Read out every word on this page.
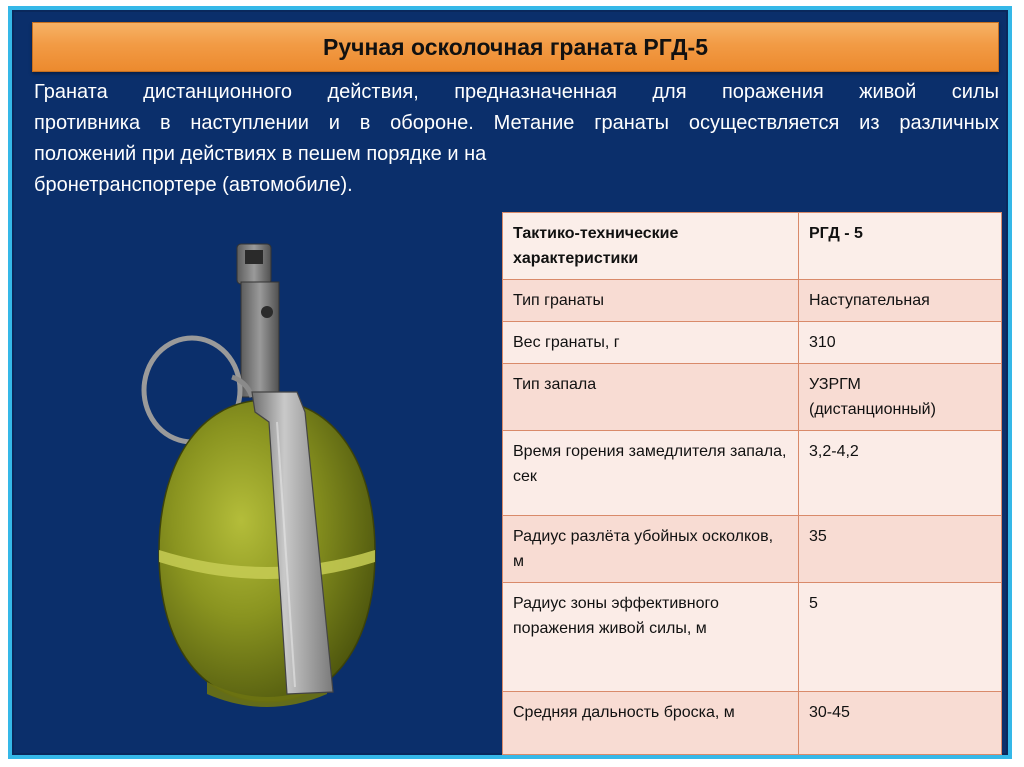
Ручная осколочная граната РГД-5
Граната дистанционного действия, предназначенная для поражения живой силы
противника в наступлении и в обороне. Метание гранаты осуществляется из различных
положений при действиях в пешем порядке и на
бронетранспортере (автомобиле).
Тактико-технические характеристики	РГД - 5
Тип гранаты	Наступательная
Вес гранаты, г	310
Тип запала	УЗРГМ (дистанционный)
Время горения замедлителя запала, сек	3,2-4,2
Радиус разлёта убойных осколков, м	35
Радиус зоны эффективного поражения живой силы, м	5
Средняя дальность броска, м	30-45
